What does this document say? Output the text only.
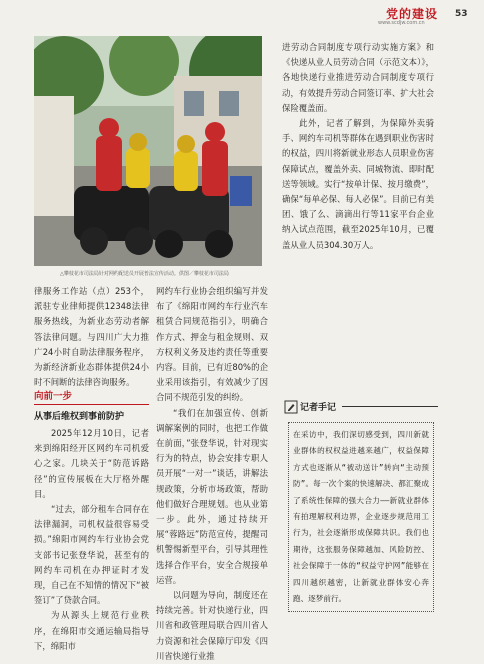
党的建设
www.scdjw.com.cn
53
△攀枝花市司法局针对网约配送员开展普法宣传活动。供图／攀枝花市司法局

律服务工作站（点）253个，派驻专业律师提供12348法律服务热线，为新业态劳动者解答法律问题。与四川广大力推广24小时自助法律服务程序，为新经济新业态群体提供24小时不间断的法律咨询服务。

向前一步
从事后维权到事前防护

2025年12月10日，记者来到绵阳经开区网约车司机爱心之家。几块关于“防范诉路径”的宣传展板在大厅格外醒目。

“过去，部分租车合同存在法律漏洞，司机权益很容易受损。”绵阳市网约车行业协会党支部书记张登华说，甚至有的网约车司机在办押证时才发现，自己在不知情的情况下“被签订”了贷款合同。

为从源头上规范行业秩序，在绵阳市交通运输局指导下，绵阳市

网约车行业协会组织编写并发布了《绵阳市网约车行业汽车租赁合同规范指引》，明确合作方式、押金与租金规则、双方权利义务及违约责任等重要内容。目前，已有近80%的企业采用该指引，有效减少了因合同不规范引发的纠纷。

“我们在加强宣传、创新调解案例的同时，也把工作做在前面，”张登华说，针对现实行为的特点，协会安排专职人员开展“一对一”谈话，讲解法规政策，分析市场政策，帮助他们做好合理规划。也从业第一步。此外，通过持续开展“蓉路远”防范宣传，提醒司机警惕新型平台，引导其理性选择合作平台，安全合规接单运营。

以问题为导向，制度还在持续完善。针对快递行业，四川省和政管理局联合四川省人力资源和社会保障厅印发《四川省快递行业推

进劳动合同制度专项行动实施方案》和《快递从业人员劳动合同（示范文本）》，各地快递行业推进劳动合同制度专项行动，有效提升劳动合同签订率、扩大社会保险覆盖面。

此外，记者了解到，为保障外卖骑手、网约车司机等群体在遇到职业伤害时的权益，四川将新就业形态人员职业伤害保障试点，覆盖外卖、同城物流、即时配送等领域。实行“按单计保、按月缴费”，确保“每单必保、每人必保”。目前已有美团、饿了么、滴滴出行等11家平台企业纳入试点范围，截至2025年10月，已覆盖从业人员304.30万人。

记者手记
在采访中，我们深切感受到，四川新就业群体的权权益进越来越广，权益保障方式也逐渐从“被动送计”转向“主动预防”。每一次个案的快速解决、都汇聚成了系统性保障的强大合力——新就业群体有拍理解权利边界，企业逐步规范用工行为，社会逐渐形成保障共识。我们也期待，这张服务保障越加、风险防控、社会保障于一体的“权益守护网”能够在四川越织越密，让新就业群体安心奔跑、逐梦前行。
